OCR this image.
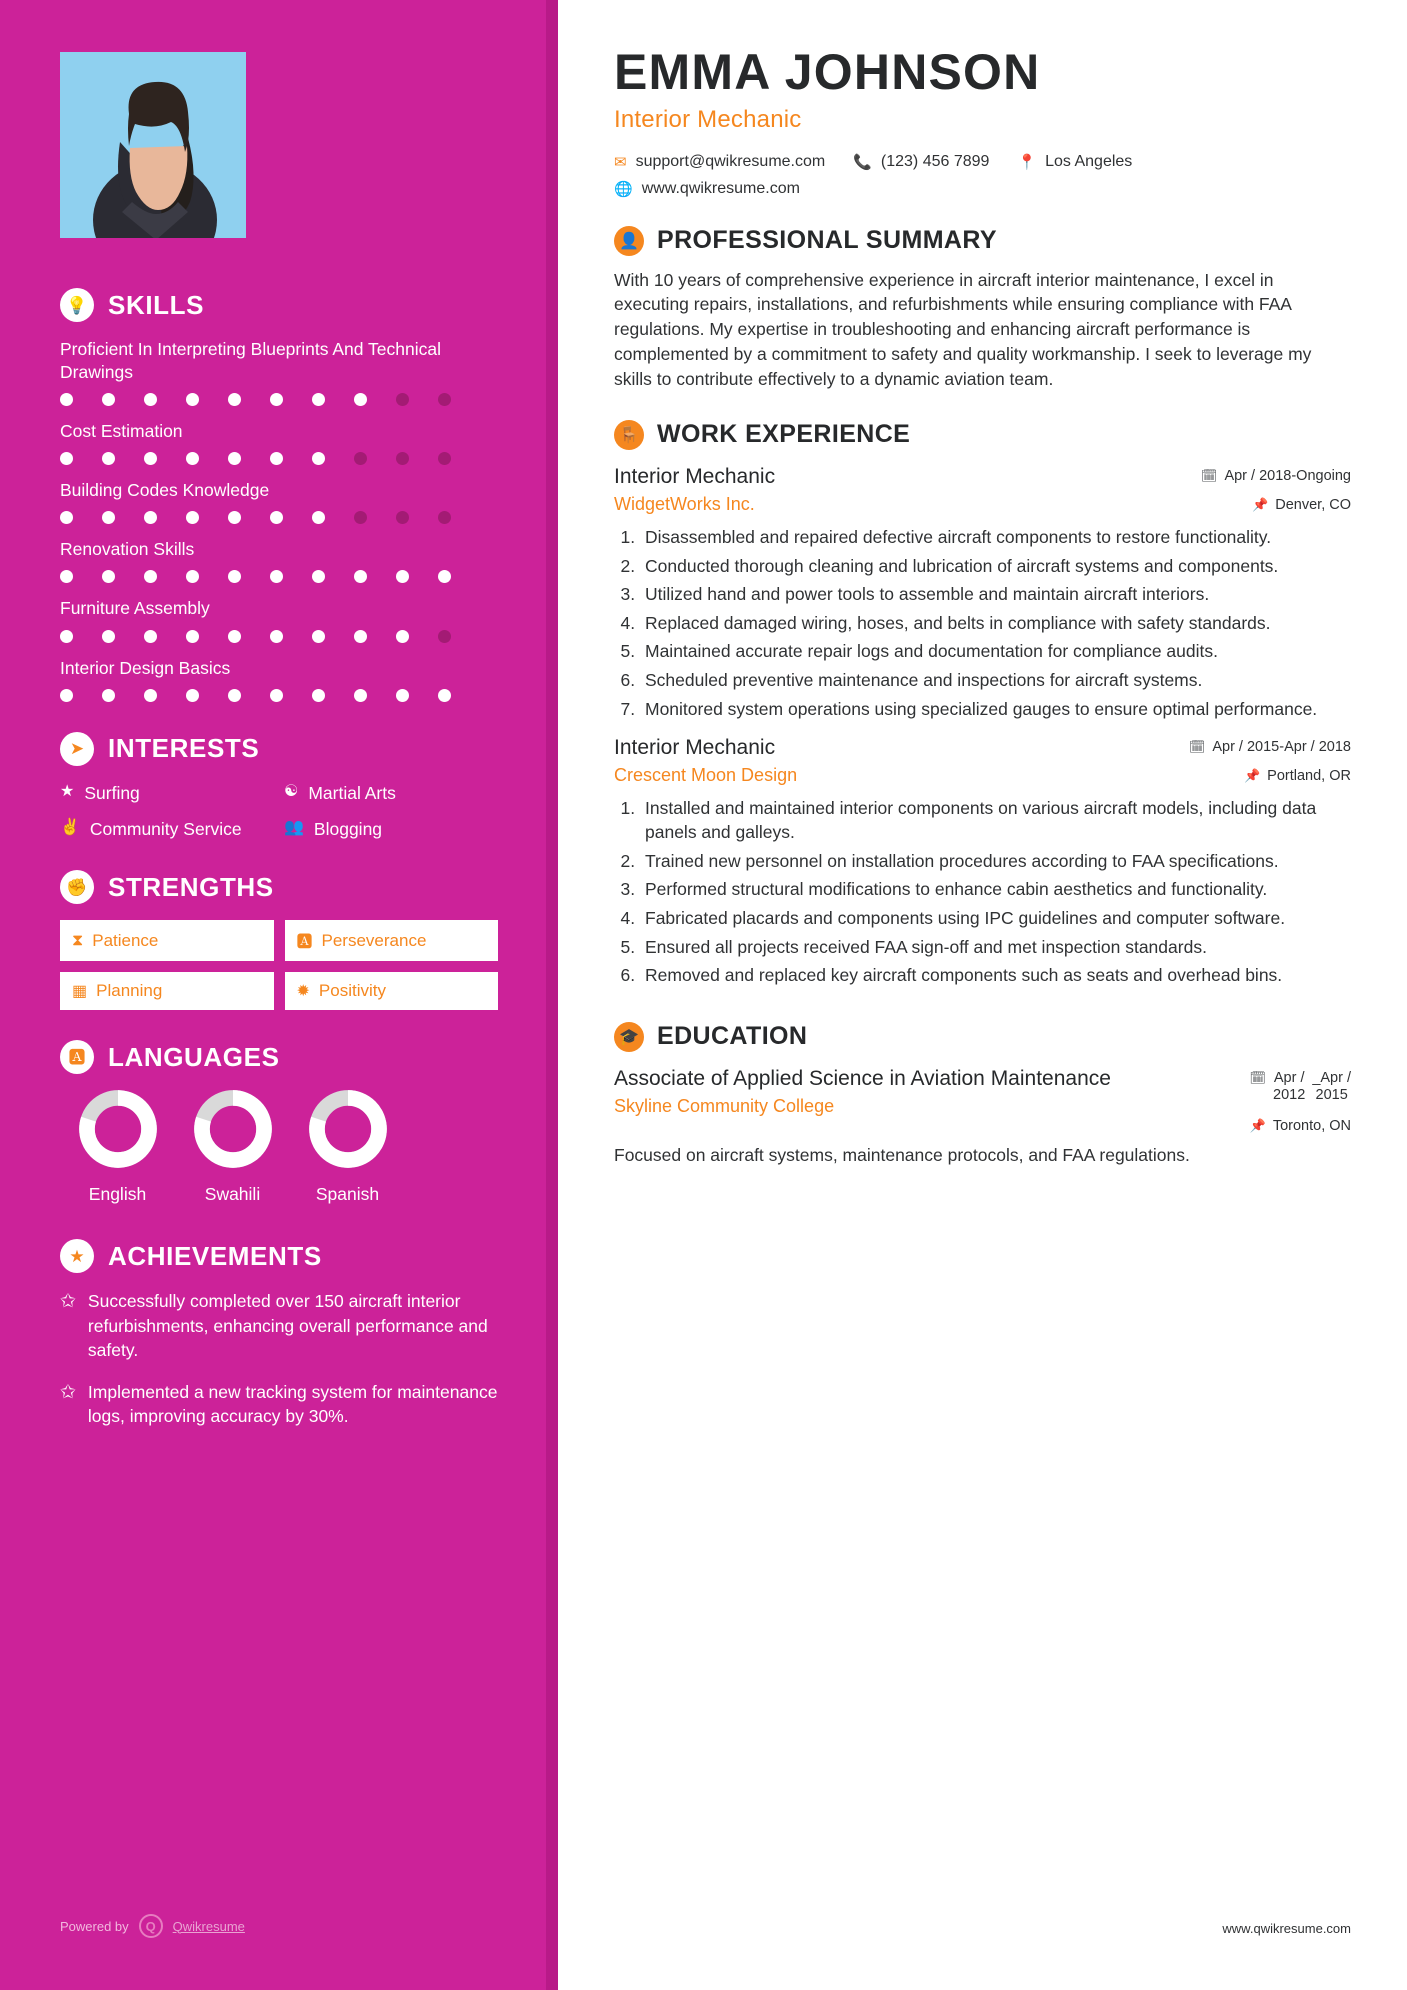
💡 SKILLS
Proficient In Interpreting Blueprints And Technical Drawings
Cost Estimation
Building Codes Knowledge
Renovation Skills
Furniture Assembly
Interior Design Basics
➤ INTERESTS
★ Surfing	☯ Martial Arts
✌ Community Service	👥 Blogging
✊ STRENGTHS
⧗ Patience	🅰 Perseverance
▦ Planning	✹ Positivity
🅰 LANGUAGES
English	Swahili	Spanish
★ ACHIEVEMENTS
✩ Successfully completed over 150 aircraft interior refurbishments, enhancing overall performance and safety.
✩ Implemented a new tracking system for maintenance logs, improving accuracy by 30%.
Powered by	Q	Qwikresume
EMMA JOHNSON
Interior Mechanic
✉ support@qwikresume.com 📞 (123) 456 7899 📍 Los Angeles
🌐 www.qwikresume.com
👤 PROFESSIONAL SUMMARY

With 10 years of comprehensive experience in aircraft interior maintenance, I excel in executing repairs, installations, and refurbishments while ensuring compliance with FAA regulations. My expertise in troubleshooting and enhancing aircraft performance is complemented by a commitment to safety and quality workmanship. I seek to leverage my skills to contribute effectively to a dynamic aviation team.

🪑 WORK EXPERIENCE
Interior Mechanic
WidgetWorks Inc.
🗓 Apr / 2018-Ongoing
📌 Denver, CO
1. Disassembled and repaired defective aircraft components to restore functionality.
2. Conducted thorough cleaning and lubrication of aircraft systems and components.
3. Utilized hand and power tools to assemble and maintain aircraft interiors.
4. Replaced damaged wiring, hoses, and belts in compliance with safety standards.
5. Maintained accurate repair logs and documentation for compliance audits.
6. Scheduled preventive maintenance and inspections for aircraft systems.
7. Monitored system operations using specialized gauges to ensure optimal performance.
Interior Mechanic
Crescent Moon Design
🗓 Apr / 2015-Apr / 2018
📌 Portland, OR
1. Installed and maintained interior components on various aircraft models, including data panels and galleys.
2. Trained new personnel on installation procedures according to FAA specifications.
3. Performed structural modifications to enhance cabin aesthetics and functionality.
4. Fabricated placards and components using IPC guidelines and computer software.
5. Ensured all projects received FAA sign-off and met inspection standards.
6. Removed and replaced key aircraft components such as seats and overhead bins.
🎓 EDUCATION
Associate of Applied Science in Aviation Maintenance
Skyline Community College
🗓 Apr /
2012
_Apr /
2015
📌 Toronto, ON
Focused on aircraft systems, maintenance protocols, and FAA regulations.
www.qwikresume.com
